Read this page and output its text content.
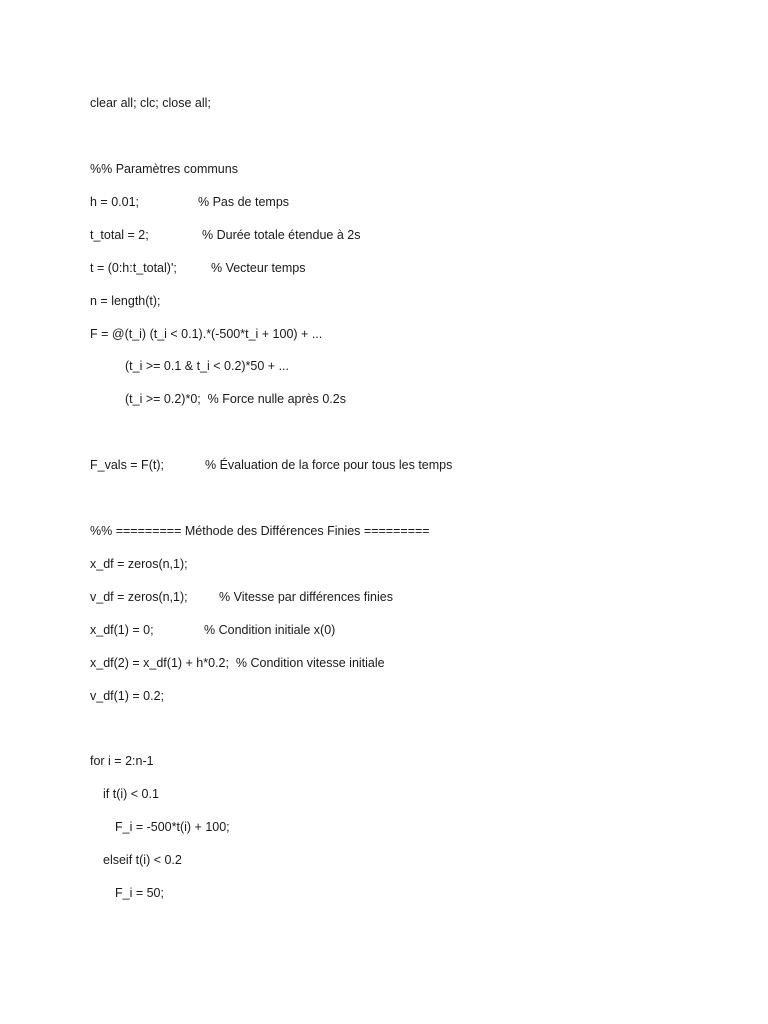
clear all; clc; close all;
%% Paramètres communs
h = 0.01;	% Pas de temps
t_total = 2;	% Durée totale étendue à 2s
t = (0:h:t_total)';	% Vecteur temps
n = length(t);
F = @(t_i) (t_i < 0.1).*(-500*t_i + 100) + ...
(t_i >= 0.1 & t_i < 0.2)*50 + ...
(t_i >= 0.2)*0;  % Force nulle après 0.2s
F_vals = F(t);	% Évaluation de la force pour tous les temps
%% ========= Méthode des Différences Finies =========
x_df = zeros(n,1);
v_df = zeros(n,1);	% Vitesse par différences finies
x_df(1) = 0;	% Condition initiale x(0)
x_df(2) = x_df(1) + h*0.2;  % Condition vitesse initiale
v_df(1) = 0.2;
for i = 2:n-1
if t(i) < 0.1
F_i = -500*t(i) + 100;
elseif t(i) < 0.2
F_i = 50;
